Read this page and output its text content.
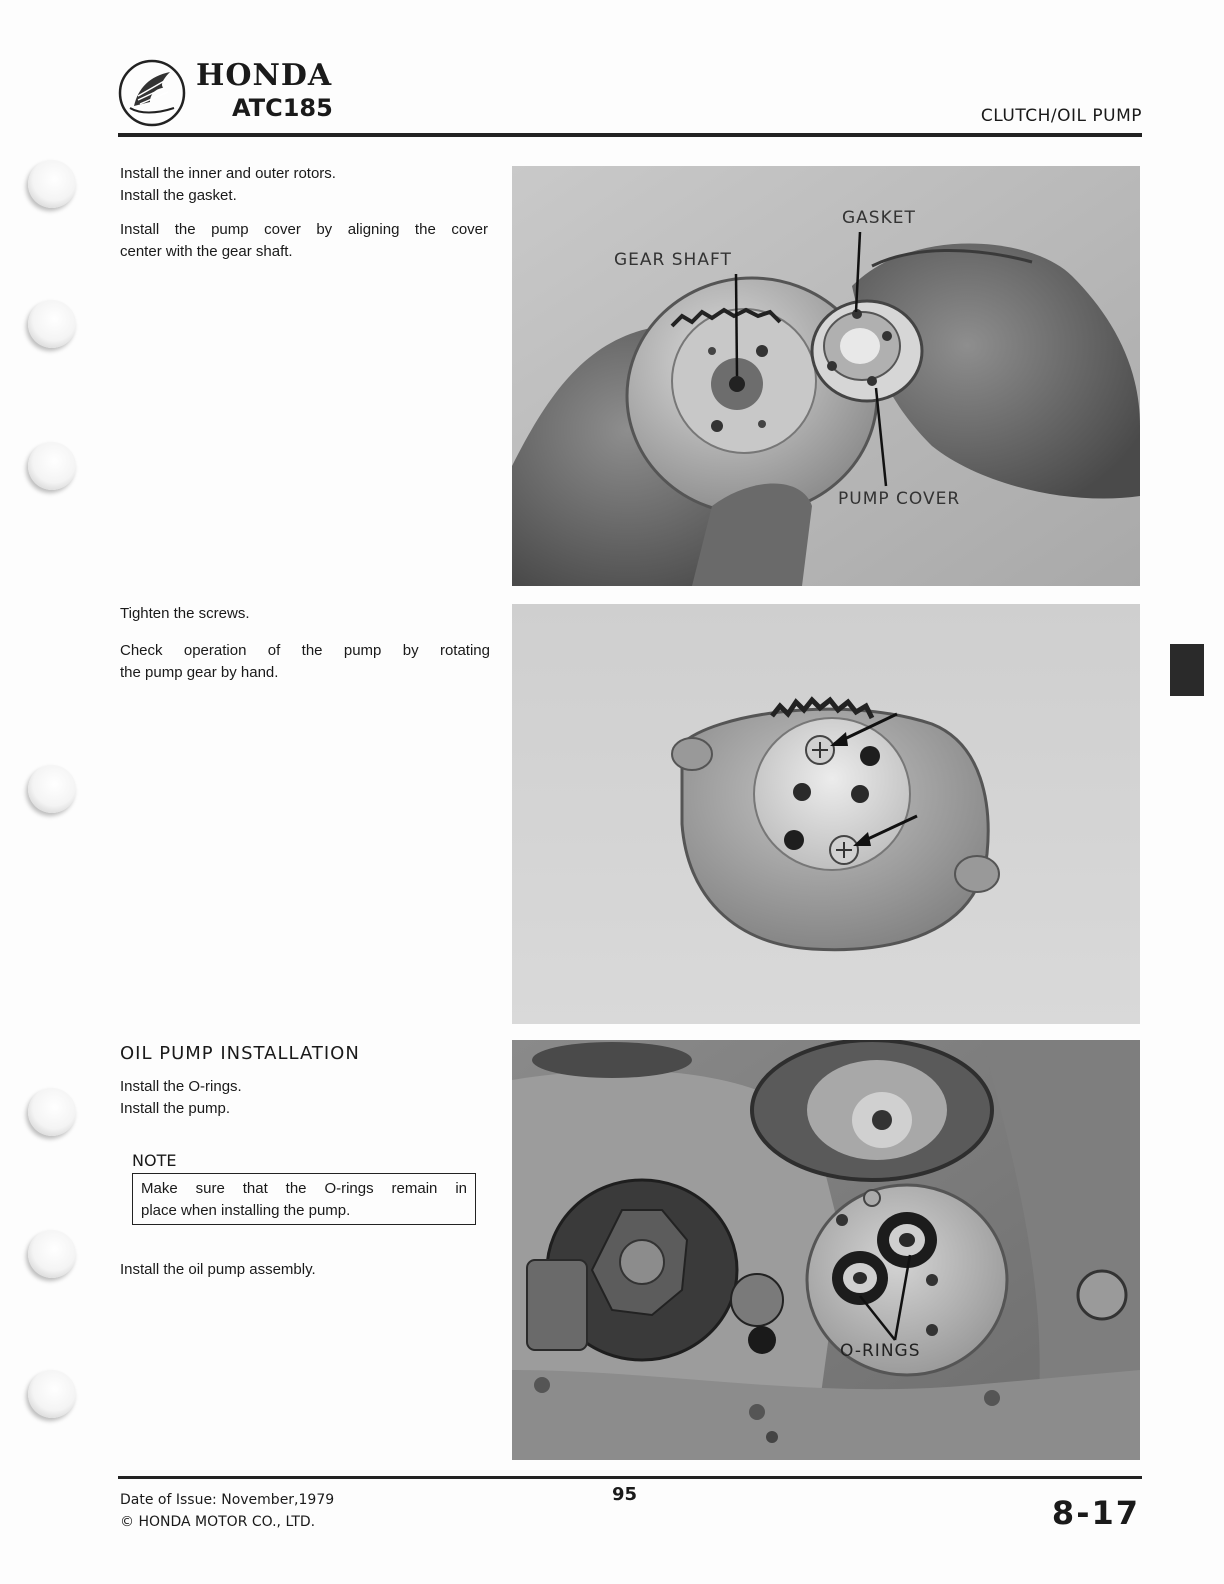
HONDA
ATC185	CLUTCH/OIL PUMP
Install the inner and outer rotors.
Install the gasket.
Install the pump cover by aligning the cover
center with the gear shaft.
GASKET
GEAR SHAFT
PUMP COVER
Tighten the screws.
Check operation of the pump by rotating
the pump gear by hand.
OIL PUMP INSTALLATION
Install the O-rings.
Install the pump.
NOTE
Make sure that the O-rings remain in
place when installing the pump.
Install the oil pump assembly.
O-RINGS
Date of Issue: November,1979
© HONDA MOTOR CO., LTD.
95	8-17
